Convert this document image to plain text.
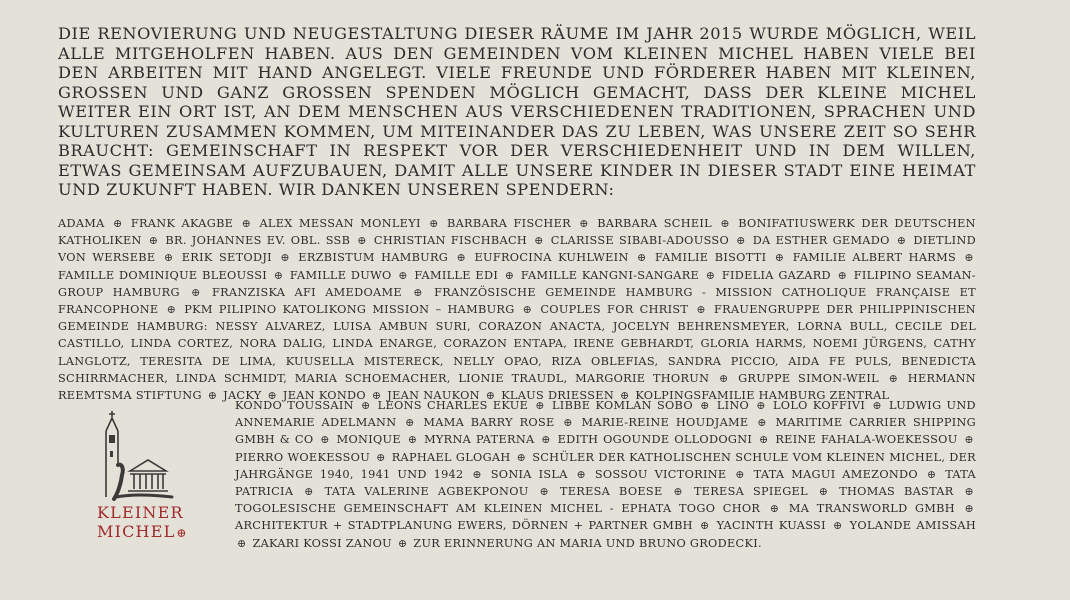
DIE RENOVIERUNG UND NEUGESTALTUNG DIESER RÄUME IM JAHR 2015 WURDE MÖGLICH, WEIL ALLE MITGEHOLFEN HABEN. AUS DEN GEMEINDEN VOM KLEINEN MICHEL HABEN VIELE BEI DEN ARBEITEN MIT HAND ANGELEGT. VIELE FREUNDE UND FÖRDERER HABEN MIT KLEINEN, GROSSEN UND GANZ GROSSEN SPENDEN MÖGLICH GEMACHT, DASS DER KLEINE MICHEL WEITER EIN ORT IST, AN DEM MENSCHEN AUS VERSCHIEDENEN TRADITIONEN, SPRACHEN UND KULTUREN ZUSAMMEN KOMMEN, UM MITEINANDER DAS ZU LEBEN, WAS UNSERE ZEIT SO SEHR BRAUCHT: GEMEINSCHAFT IN RESPEKT VOR DER VERSCHIEDENHEIT UND IN DEM WILLEN, ETWAS GEMEINSAM AUFZUBAUEN, DAMIT ALLE UNSERE KINDER IN DIESER STADT EINE HEIMAT UND ZUKUNFT HABEN. WIR DANKEN UNSEREN SPENDERN:

ADAMA ⊕ FRANK AKAGBE ⊕ ALEX MESSAN MONLEYI ⊕ BARBARA FISCHER ⊕ BARBARA SCHEIL ⊕ BONIFATIUSWERK DER DEUTSCHEN KATHOLIKEN ⊕ BR. JOHANNES EV. OBL. SSB ⊕ CHRISTIAN FISCHBACH ⊕ CLARISSE SIBABI-ADOUSSO ⊕ DA ESTHER GEMADO ⊕ DIETLIND VON WERSEBE ⊕ ERIK SETODJI ⊕ ERZBISTUM HAMBURG ⊕ EUFROCINA KUHLWEIN ⊕ FAMILIE BISOTTI ⊕ FAMILIE ALBERT HARMS ⊕ FAMILLE DOMINIQUE BLEOUSSI ⊕ FAMILLE DUWO ⊕ FAMILLE EDI ⊕ FAMILLE KANGNI-SANGARE ⊕ FIDELIA GAZARD ⊕ FILIPINO SEAMAN-GROUP HAMBURG ⊕ FRANZISKA AFI AMEDOAME ⊕ FRANZÖSISCHE GEMEINDE HAMBURG - MISSION CATHOLIQUE FRANÇAISE ET FRANCOPHONE ⊕ PKM PILIPINO KATOLIKONG MISSION – HAMBURG ⊕ COUPLES FOR CHRIST ⊕ FRAUENGRUPPE DER PHILIPPINISCHEN GEMEINDE HAMBURG: NESSY ALVAREZ, LUISA AMBUN SURI, CORAZON ANACTA, JOCELYN BEHRENSMEYER, LORNA BULL, CECILE DEL CASTILLO, LINDA CORTEZ, NORA DALIG, LINDA ENARGE, CORAZON ENTAPA, IRENE GEBHARDT, GLORIA HARMS, NOEMI JÜRGENS, CATHY LANGLOTZ, TERESITA DE LIMA, KUUSELLA MISTERECK, NELLY OPAO, RIZA OBLEFIAS, SANDRA PICCIO, AIDA FE PULS, BENEDICTA SCHIRRMACHER, LINDA SCHMIDT, MARIA SCHOEMACHER, LIONIE TRAUDL, MARGORIE THORUN ⊕ GRUPPE SIMON-WEIL ⊕ HERMANN REEMTSMA STIFTUNG ⊕ JACKY ⊕ JEAN KONDO ⊕ JEAN NAUKON ⊕ KLAUS DRIESSEN ⊕ KOLPINGSFAMILIE HAMBURG ZENTRAL

KONDO TOUSSAIN ⊕ LEONS CHARLES EKUE ⊕ LIBBE KOMLAN SOBO ⊕ LINO ⊕ LOLO KOFFIVI ⊕ LUDWIG UND ANNEMARIE ADELMANN ⊕ MAMA BARRY ROSE ⊕ MARIE-REINE HOUDJAME ⊕ MARITIME CARRIER SHIPPING GMBH & CO ⊕ MONIQUE ⊕ MYRNA PATERNA ⊕ EDITH OGOUNDE OLLODOGNI ⊕ REINE FAHALA-WOEKESSOU ⊕ PIERRO WOEKESSOU ⊕ RAPHAEL GLOGAH ⊕ SCHÜLER DER KATHOLISCHEN SCHULE VOM KLEINEN MICHEL, DER JAHRGÄNGE 1940, 1941 UND 1942 ⊕ SONIA ISLA ⊕ SOSSOU VICTORINE ⊕ TATA MAGUI AMEZONDO ⊕ TATA PATRICIA ⊕ TATA VALERINE AGBEKPONOU ⊕ TERESA BOESE ⊕ TERESA SPIEGEL ⊕ THOMAS BASTAR ⊕ TOGOLESISCHE GEMEINSCHAFT AM KLEINEN MICHEL - EPHATA TOGO CHOR ⊕ MA TRANSWORLD GMBH ⊕ ARCHITEKTUR + STADTPLANUNG EWERS, DÖRNEN + PARTNER GMBH ⊕ YACINTH KUASSI ⊕ YOLANDE AMISSAH ⊕ ZAKARI KOSSI ZANOU ⊕ ZUR ERINNERUNG AN MARIA UND BRUNO GRODECKI.

KLEINER
MICHEL⊕
